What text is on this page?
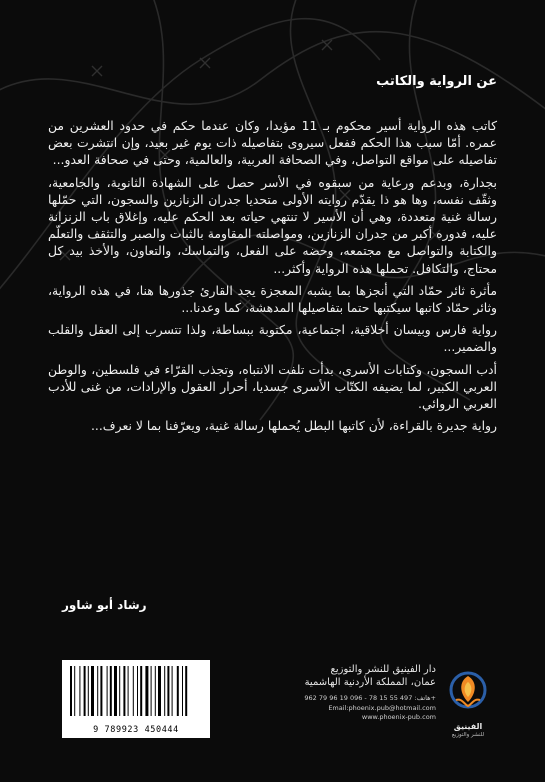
عن الرواية والكاتب

كاتب هذه الرواية أسير محكوم بـ 11 مؤبدا، وكان عندما حكم في حدود العشرين من عمره. أمّا سبب هذا الحكم ففعل سيروى بتفاصيله ذات يوم غير بعيد، وإن انتشرت بعض تفاصيله على مواقع التواصل، وفي الصحافة العربية، والعالمية، وحتى في صحافة العدو...

بجدارة، وبدعم ورعاية من سبقوه في الأسر حصل على الشهادة الثانوية، والجامعية، وثقّف نفسه، وها هو ذا يقدّم روايته الأولى متحديا جدران الزنازين والسجون، التي حمّلها رسالة غنية متعددة، وهي أن الأسير لا تنتهي حياته بعد الحكم عليه، وإغلاق باب الزنزانة عليه، فدوره أكبر من جدران الزنازين، ومواصلته المقاومة بالثبات والصبر والتثقف والتعلّم والكتابة والتواصل مع مجتمعه، وحضه على الفعل، والتماسك، والتعاون، والأخذ بيد كل محتاج، والتكافل. تحملها هذه الرواية وأكثر...

مأثرة ثائر حمّاد التي أنجزها بما يشبه المعجزة يجد القارئ جذورها هنا، في هذه الرواية، وثائر حمّاد كاتبها سيكتبها حتما بتفاصيلها المدهشة، كما وعدنا...

رواية فارس وبيسان أخلاقية، اجتماعية، مكتوبة ببساطة، ولذا تتسرب إلى العقل والقلب والضمير...

أدب السجون، وكتابات الأسرى، بدأت تلفت الانتباه، وتجذب القرّاء في فلسطين، والوطن العربي الكبير، لما يضيفه الكتّاب الأسرى جسديا، أحرار العقول والإرادات، من غنى للأدب العربي الروائي.

رواية جديرة بالقراءة، لأن كاتبها البطل يُحملها رسالة غنية، ويعرّفنا بما لا نعرف...

رشاد أبو شاور
9 789923 450444
دار الفينيق للنشر والتوزيع
عمان، المملكة الأردنية الهاشمية
هاتف: 497 55 15 78 - 096 19 96 79 962+
Email:phoenix.pub@hotmail.com
www.phoenix-pub.com
الفينيق
للنشر والتوزيع
